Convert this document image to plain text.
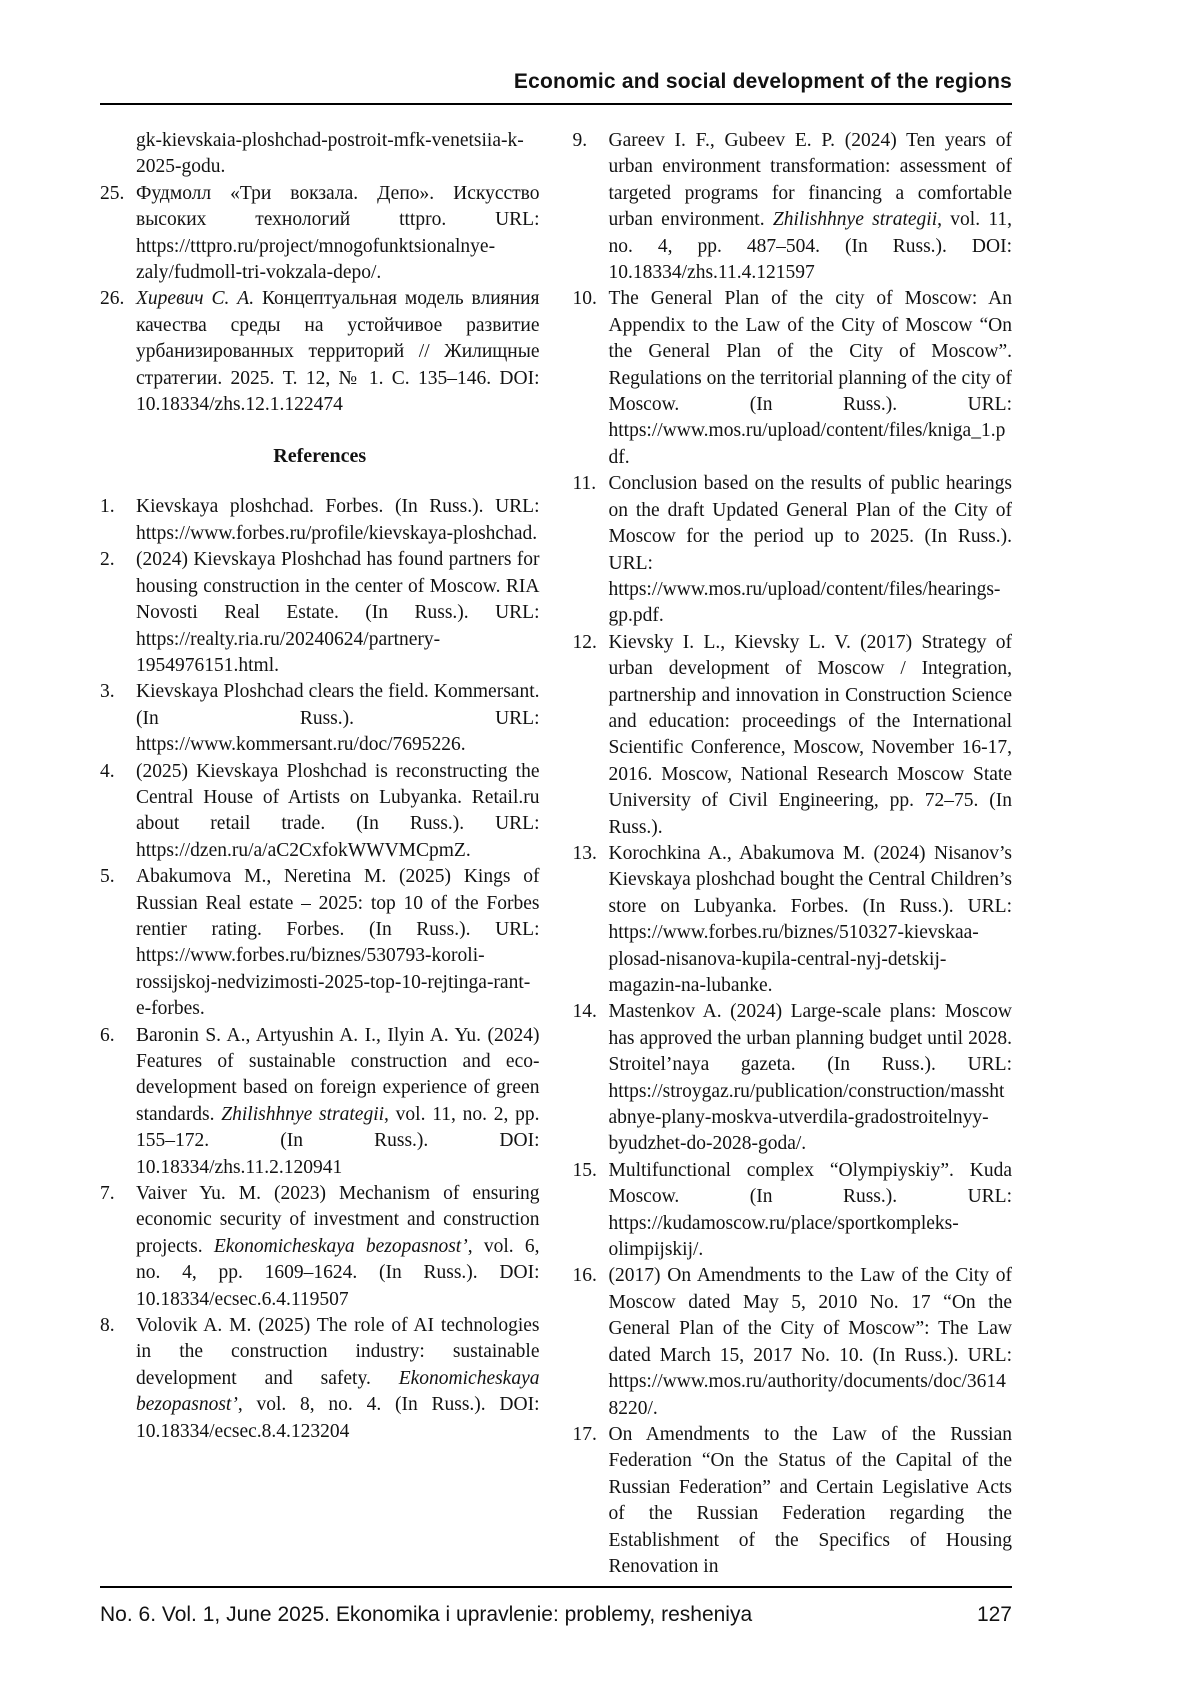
Economic and social development of the regions
gk-kievskaia-ploshchad-postroit-mfk-venetsiia-k-2025-godu.
25. Фудмолл «Три вокзала. Депо». Искусство высоких технологий tttpro. URL: https://tttpro.ru/project/mnogofunktsionalnye-zaly/fudmoll-tri-vokzala-depo/.
26. Хиревич С. А. Концептуальная модель влияния качества среды на устойчивое развитие урбанизированных территорий // Жилищные стратегии. 2025. Т. 12, № 1. С. 135–146. DOI: 10.18334/zhs.12.1.122474
References
1.	Kievskaya ploshchad. Forbes. (In Russ.). URL: https://www.forbes.ru/profile/kievskaya-ploshchad.
2.	(2024) Kievskaya Ploshchad has found partners for housing construction in the center of Moscow. RIA Novosti Real Estate. (In Russ.). URL: https://realty.ria.ru/20240624/partnery-1954976151.html.
3.	Kievskaya Ploshchad clears the field. Kommersant. (In Russ.). URL: https://www.kommersant.ru/doc/7695226.
4.	(2025) Kievskaya Ploshchad is reconstructing the Central House of Artists on Lubyanka. Retail.ru about retail trade. (In Russ.). URL: https://dzen.ru/a/aC2CxfokWWVMCpmZ.
5.	Abakumova M., Neretina M. (2025) Kings of Russian Real estate – 2025: top 10 of the Forbes rentier rating. Forbes. (In Russ.). URL: https://www.forbes.ru/biznes/530793-koroli-rossijskoj-nedvizimosti-2025-top-10-rejtinga-rant-e-forbes.
6.	Baronin S. A., Artyushin A. I., Ilyin A. Yu. (2024) Features of sustainable construction and eco-development based on foreign experience of green standards. Zhilishhnye strategii, vol. 11, no. 2, pp. 155–172. (In Russ.). DOI: 10.18334/zhs.11.2.120941
7.	Vaiver Yu. M. (2023) Mechanism of ensuring economic security of investment and construction projects. Ekonomicheskaya bezopasnost’, vol. 6, no. 4, pp. 1609–1624. (In Russ.). DOI: 10.18334/ecsec.6.4.119507
8.	Volovik A. M. (2025) The role of AI technologies in the construction industry: sustainable development and safety. Ekonomicheskaya bezopasnost’, vol. 8, no. 4. (In Russ.). DOI: 10.18334/ecsec.8.4.123204
9.	Gareev I. F., Gubeev E. P. (2024) Ten years of urban environment transformation: assessment of targeted programs for financing a comfortable urban environment. Zhilishhnye strategii, vol. 11, no. 4, pp. 487–504. (In Russ.). DOI: 10.18334/zhs.11.4.121597
10. The General Plan of the city of Moscow: An Appendix to the Law of the City of Moscow “On the General Plan of the City of Moscow”. Regulations on the territorial planning of the city of Moscow. (In Russ.). URL: https://www.mos.ru/upload/content/files/kniga_1.pdf.
11. Conclusion based on the results of public hearings on the draft Updated General Plan of the City of Moscow for the period up to 2025. (In Russ.). URL: https://www.mos.ru/upload/content/files/hearings-gp.pdf.
12. Kievsky I. L., Kievsky L. V. (2017) Strategy of urban development of Moscow / Integration, partnership and innovation in Construction Science and education: proceedings of the International Scientific Conference, Moscow, November 16-17, 2016. Moscow, National Research Moscow State University of Civil Engineering, pp. 72–75. (In Russ.).
13. Korochkina A., Abakumova M. (2024) Nisanov’s Kievskaya ploshchad bought the Central Children’s store on Lubyanka. Forbes. (In Russ.). URL: https://www.forbes.ru/biznes/510327-kievskaa-plosad-nisanova-kupila-central-nyj-detskij-magazin-na-lubanke.
14. Mastenkov A. (2024) Large-scale plans: Moscow has approved the urban planning budget until 2028. Stroitel’naya gazeta. (In Russ.). URL: https://stroygaz.ru/publication/construction/masshtabnye-plany-moskva-utverdila-gradostroitelnyy-byudzhet-do-2028-goda/.
15. Multifunctional complex “Olympiyskiy”. Kuda Moscow. (In Russ.). URL: https://kudamoscow.ru/place/sportkompleks-olimpijskij/.
16. (2017) On Amendments to the Law of the City of Moscow dated May 5, 2010 No. 17 “On the General Plan of the City of Moscow”: The Law dated March 15, 2017 No. 10. (In Russ.). URL: https://www.mos.ru/authority/documents/doc/36148220/.
17. On Amendments to the Law of the Russian Federation “On the Status of the Capital of the Russian Federation” and Certain Legislative Acts of the Russian Federation regarding the Establishment of the Specifics of Housing Renovation in
No. 6. Vol. 1, June 2025. Ekonomika i upravlenie: problemy, resheniya	127
